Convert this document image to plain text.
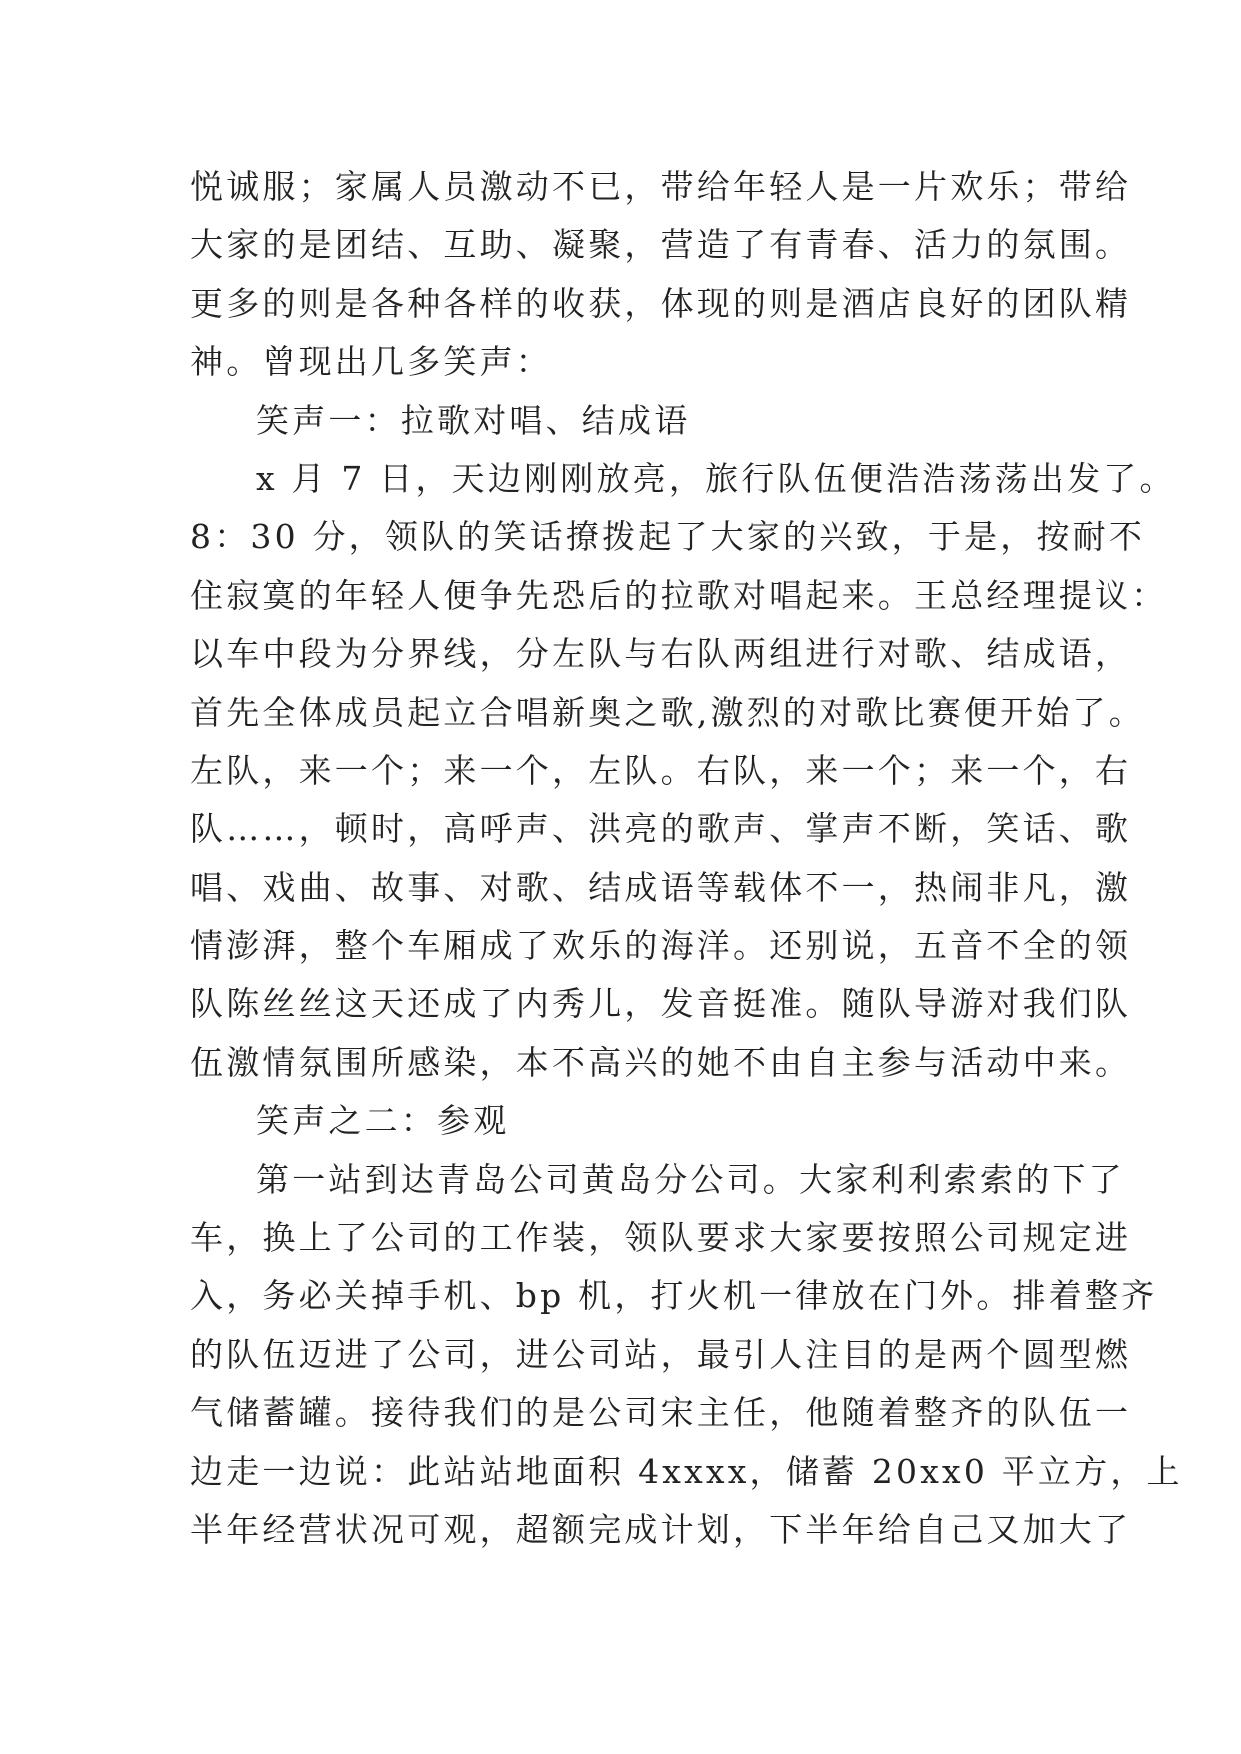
悦诚服；家属人员激动不已，带给年轻人是一片欢乐；带给
大家的是团结、互助、凝聚，营造了有青春、活力的氛围。
更多的则是各种各样的收获，体现的则是酒店良好的团队精
神。曾现出几多笑声：
笑声一：拉歌对唱、结成语
x 月 7 日，天边刚刚放亮，旅行队伍便浩浩荡荡出发了。
8：30 分，领队的笑话撩拨起了大家的兴致，于是，按耐不
住寂寞的年轻人便争先恐后的拉歌对唱起来。王总经理提议：
以车中段为分界线，分左队与右队两组进行对歌、结成语，
首先全体成员起立合唱新奥之歌,激烈的对歌比赛便开始了。
左队，来一个；来一个，左队。右队，来一个；来一个，右
队……，顿时，高呼声、洪亮的歌声、掌声不断，笑话、歌
唱、戏曲、故事、对歌、结成语等载体不一，热闹非凡，激
情澎湃，整个车厢成了欢乐的海洋。还别说，五音不全的领
队陈丝丝这天还成了内秀儿，发音挺准。随队导游对我们队
伍激情氛围所感染，本不高兴的她不由自主参与活动中来。
笑声之二：参观
第一站到达青岛公司黄岛分公司。大家利利索索的下了
车，换上了公司的工作装，领队要求大家要按照公司规定进
入，务必关掉手机、bp 机，打火机一律放在门外。排着整齐
的队伍迈进了公司，进公司站，最引人注目的是两个圆型燃
气储蓄罐。接待我们的是公司宋主任，他随着整齐的队伍一
边走一边说：此站站地面积 4xxxx，储蓄 20xx0 平立方，上
半年经营状况可观，超额完成计划，下半年给自己又加大了
